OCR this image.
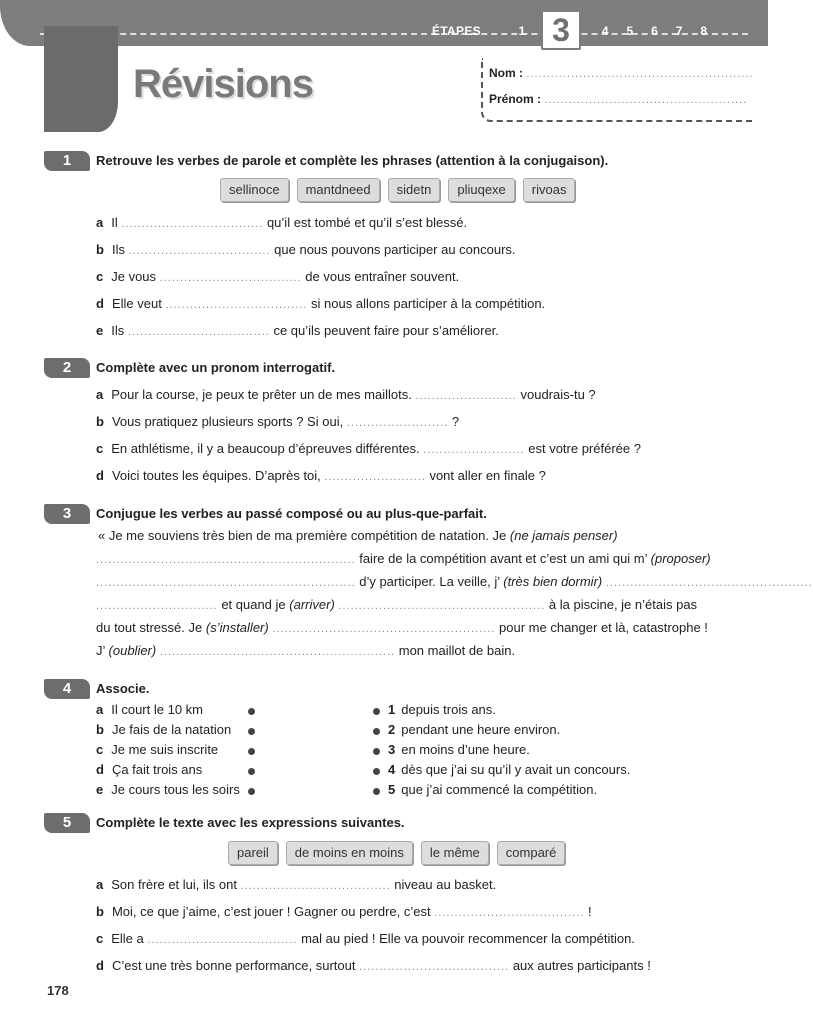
ÉTAPES	1	4 5 6 7 8
3
Révisions	Nom : ........................................................
Prénom : ..................................................
1	Retrouve les verbes de parole et complète les phrases (attention à la conjugaison).
sellinoce	mantdneed	sidetn	pliuqexe	rivoas
a Il ................................... qu’il est tombé et qu’il s’est blessé.
b Ils ................................... que nous pouvons participer au concours.
c Je vous ................................... de vous entraîner souvent.
d Elle veut ................................... si nous allons participer à la compétition.
e Ils ................................... ce qu’ils peuvent faire pour s’améliorer.
2	Complète avec un pronom interrogatif.
a Pour la course, je peux te prêter un de mes maillots. ......................... voudrais-tu ?
b Vous pratiquez plusieurs sports ? Si oui, ......................... ?
c En athlétisme, il y a beaucoup d’épreuves différentes. ......................... est votre préférée ?
d Voici toutes les équipes. D’après toi, ......................... vont aller en finale ?
3	Conjugue les verbes au passé composé ou au plus-que-parfait.
« Je me souviens très bien de ma première compétition de natation. Je (ne jamais penser)
................................................................ faire de la compétition avant et c’est un ami qui m’ (proposer)
................................................................ d’y participer. La veille, j’ (très bien dormir) ...................................................
.............................. et quand je (arriver) ................................................... à la piscine, je n’étais pas
du tout stressé. Je (s’installer) ....................................................... pour me changer et là, catastrophe !
J’ (oublier) .......................................................... mon maillot de bain.
4	Associe.
a Il court le 10 km
b Je fais de la natation
c Je me suis inscrite
d Ça fait trois ans
e Je cours tous les soirs
1 depuis trois ans.
2 pendant une heure environ.
3 en moins d’une heure.
4 dès que j’ai su qu’il y avait un concours.
5 que j’ai commencé la compétition.
5	Complète le texte avec les expressions suivantes.
pareil	de moins en moins	le même	comparé
a Son frère et lui, ils ont ..................................... niveau au basket.
b Moi, ce que j’aime, c’est jouer ! Gagner ou perdre, c’est ..................................... !
c Elle a ..................................... mal au pied ! Elle va pouvoir recommencer la compétition.
d C’est une très bonne performance, surtout ..................................... aux autres participants !
178
